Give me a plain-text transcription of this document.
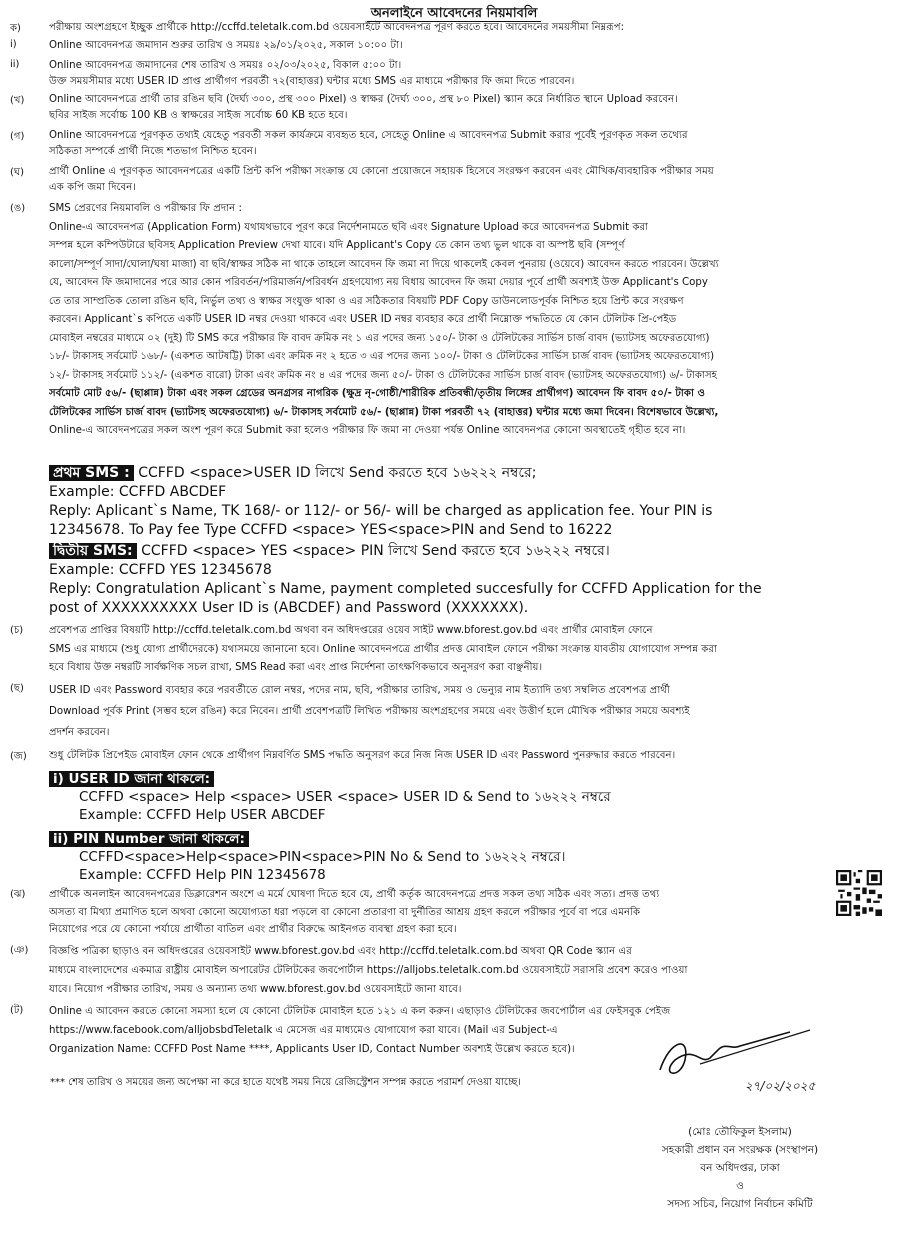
অনলাইনে আবেদনের নিয়মাবলি
ক)	পরীক্ষায় অংশগ্রহণে ইচ্ছুক প্রার্থীকে http://ccffd.teletalk.com.bd ওয়েবসাইটে আবেদনপত্র পূরণ করতে হবে। আবেদনের সময়সীমা নিম্নরূপ:
i)	Online আবেদনপত্র জমাদান শুরুর তারিখ ও সময়ঃ ২৯/০১/২০২৫, সকাল ১০:০০ টা।
ii)	Online আবেদনপত্র জমাদানের শেষ তারিখ ও সময়ঃ ০২/০৩/২০২৫, বিকাল ৫:০০ টা।
উক্ত সময়সীমার মধ্যে USER ID প্রাপ্ত প্রার্থীগণ পরবর্তী ৭২(বাহাত্তর) ঘন্টার মধ্যে SMS এর মাধ্যমে পরীক্ষার ফি জমা দিতে পারবেন।
(খ)	Online আবেদনপত্রে প্রার্থী তার রঙিন ছবি (দৈর্ঘ্য ৩০০, প্রস্থ ৩০০ Pixel) ও স্বাক্ষর (দৈর্ঘ্য ৩০০, প্রস্থ ৮০ Pixel) স্ক্যান করে নির্ধারিত স্থানে Upload করবেন।
ছবির সাইজ সর্বোচ্চ 100 KB ও স্বাক্ষরের সাইজ সর্বোচ্চ 60 KB হতে হবে।
(গ)	Online আবেদনপত্রে পূরণকৃত তথ্যই যেহেতু পরবর্তী সকল কার্যক্রমে ব্যবহৃত হবে, সেহেতু Online এ আবেদনপত্র Submit করার পূর্বেই পূরণকৃত সকল তথ্যের
সঠিকতা সম্পর্কে প্রার্থী নিজে শতভাগ নিশ্চিত হবেন।
(ঘ)	প্রার্থী Online এ পূরণকৃত আবেদনপত্রের একটি প্রিন্ট কপি পরীক্ষা সংক্রান্ত যে কোনো প্রয়োজনে সহায়ক হিসেবে সংরক্ষণ করবেন এবং মৌখিক/ব্যবহারিক পরীক্ষার সময়
এক কপি জমা দিবেন।
(ঙ)	SMS প্রেরণের নিয়মাবলি ও পরীক্ষার ফি প্রদান :
Online-এ আবেদনপত্র (Application Form) যথাযথভাবে পূরণ করে নির্দেশনামতে ছবি এবং Signature Upload করে আবেদনপত্র Submit করা
সম্পন্ন হলে কম্পিউটারে ছবিসহ Application Preview দেখা যাবে। যদি Applicant's Copy তে কোন তথ্য ভুল থাকে বা অস্পষ্ট ছবি (সম্পূর্ণ
কালো/সম্পূর্ণ সাদা/ঘোলা/ঘষা মাজা) বা ছবি/স্বাক্ষর সঠিক না থাকে তাহলে আবেদন ফি জমা না দিয়ে থাকলেই কেবল পুনরায় (ওয়েবে) আবেদন করতে পারবেন। উল্লেখ্য
যে, আবেদন ফি জমাদানের পরে আর কোন পরিবর্তন/পরিমার্জন/পরিবর্ধন গ্রহণযোগ্য নয় বিধায় আবেদন ফি জমা দেয়ার পূর্বে প্রার্থী অবশ্যই উক্ত Applicant's Copy
তে তার সাম্প্রতিক তোলা রঙিন ছবি, নির্ভুল তথ্য ও স্বাক্ষর সংযুক্ত থাকা ও এর সঠিকতার বিষয়টি PDF Copy ডাউনলোডপূর্বক নিশ্চিত হয়ে প্রিন্ট করে সংরক্ষণ
করবেন। Applicant`s কপিতে একটি USER ID নম্বর দেওয়া থাকবে এবং USER ID নম্বর ব্যবহার করে প্রার্থী নিম্নোক্ত পদ্ধতিতে যে কোন টেলিটক প্রি-পেইড
মোবাইল নম্বরের মাধ্যমে ০২ (দুই) টি SMS করে পরীক্ষার ফি বাবদ ক্রমিক নং ১ এর পদের জন্য ১৫০/- টাকা ও টেলিটকের সার্ভিস চার্জ বাবদ (ভ্যাটসহ অফেরতযোগ্য)
১৮/- টাকাসহ সর্বমোট ১৬৮/- (একশত আটষট্টি) টাকা এবং ক্রমিক নং ২ হতে ৩ এর পদের জন্য ১০০/- টাকা ও টেলিটকের সার্ভিস চার্জ বাবদ (ভ্যাটসহ অফেরতযোগ্য)
১২/- টাকাসহ সর্বমোট ১১২/- (একশত বারো) টাকা এবং ক্রমিক নং ৪ এর পদের জন্য ৫০/- টাকা ও টেলিটকের সার্ভিস চার্জ বাবদ (ভ্যাটসহ অফেরতযোগ্য) ৬/- টাকাসহ
সর্বমোট মোট ৫৬/- (ছাপ্পান্ন) টাকা এবং সকল গ্রেডের অনগ্রসর নাগরিক (ক্ষুদ্র নৃ-গোষ্ঠী/শারীরিক প্রতিবন্ধী/তৃতীয় লিঙ্গের প্রার্থীগণ) আবেদন ফি বাবদ ৫০/- টাকা ও
টেলিটকের সার্ভিস চার্জ বাবদ (ভ্যাটসহ অফেরতযোগ্য) ৬/- টাকাসহ সর্বমোট ৫৬/- (ছাপ্পান্ন) টাকা পরবর্তী ৭২ (বাহাত্তর) ঘন্টার মধ্যে জমা দিবেন। বিশেষভাবে উল্লেখ্য,
Online-এ আবেদনপত্রের সকল অংশ পূরণ করে Submit করা হলেও পরীক্ষার ফি জমা না দেওয়া পর্যন্ত Online আবেদনপত্র কোনো অবস্থাতেই গৃহীত হবে না।
প্রথম SMS : CCFFD <space>USER ID লিখে Send করতে হবে ১৬২২২ নম্বরে;
Example: CCFFD ABCDEF
Reply: Aplicant`s Name, TK 168/- or 112/- or 56/- will be charged as application fee. Your PIN is
12345678. To Pay fee Type CCFFD <space> YES<space>PIN and Send to 16222
দ্বিতীয় SMS: CCFFD <space> YES <space> PIN লিখে Send করতে হবে ১৬২২২ নম্বরে।
Example: CCFFD YES 12345678
Reply: Congratulation Aplicant`s Name, payment completed succesfully for CCFFD Application for the
post of XXXXXXXXXX User ID is (ABCDEF) and Password (XXXXXXX).
(চ)	প্রবেশপত্র প্রাপ্তির বিষয়টি http://ccffd.teletalk.com.bd অথবা বন অধিদপ্তরের ওয়েব সাইট www.bforest.gov.bd এবং প্রার্থীর মোবাইল ফোনে
SMS এর মাধ্যমে (শুধু যোগ্য প্রার্থীদেরকে) যথাসময়ে জানানো হবে। Online আবেদনপত্রে প্রার্থীর প্রদত্ত মোবাইল ফোনে পরীক্ষা সংক্রান্ত যাবতীয় যোগাযোগ সম্পন্ন করা
হবে বিধায় উক্ত নম্বরটি সার্বক্ষণিক সচল রাখা, SMS Read করা এবং প্রাপ্ত নির্দেশনা তাৎক্ষণিকভাবে অনুসরণ করা বাঞ্ছনীয়।
(ছ)	USER ID এবং Password ব্যবহার করে পরবর্তীতে রোল নম্বর, পদের নাম, ছবি, পরীক্ষার তারিখ, সময় ও ভেন্যুর নাম ইত্যাদি তথ্য সম্বলিত প্রবেশপত্র প্রার্থী
Download পূর্বক Print (সম্ভব হলে রঙিন) করে নিবেন। প্রার্থী প্রবেশপত্রটি লিখিত পরীক্ষায় অংশগ্রহণের সময়ে এবং উত্তীর্ণ হলে মৌখিক পরীক্ষার সময়ে অবশ্যই
প্রদর্শন করবেন।
(জ)	শুধু টেলিটক প্রিপেইড মোবাইল ফোন থেকে প্রার্থীগণ নিম্নবর্ণিত SMS পদ্ধতি অনুসরণ করে নিজ নিজ USER ID এবং Password পুনরুদ্ধার করতে পারবেন।
i) USER ID জানা থাকলে:
CCFFD <space> Help <space> USER <space> USER ID & Send to ১৬২২২ নম্বরে
Example: CCFFD Help USER ABCDEF
ii) PIN Number জানা থাকলে:
CCFFD<space>Help<space>PIN<space>PIN No & Send to ১৬২২২ নম্বরে।
Example: CCFFD Help PIN 12345678
(ঝ)	প্রার্থীকে অনলাইন আবেদনপত্রের ডিক্লারেশন অংশে এ মর্মে ঘোষণা দিতে হবে যে, প্রার্থী কর্তৃক আবেদনপত্রে প্রদত্ত সকল তথ্য সঠিক এবং সত্য। প্রদত্ত তথ্য
অসত্য বা মিথ্যা প্রমাণিত হলে অথবা কোনো অযোগ্যতা ধরা পড়লে বা কোনো প্রতারণা বা দুর্নীতির আশ্রয় গ্রহণ করলে পরীক্ষার পূর্বে বা পরে এমনকি
নিয়োগের পরে যে কোনো পর্যায়ে প্রার্থীতা বাতিল এবং প্রার্থীর বিরুদ্ধে আইনগত ব্যবস্থা গ্রহণ করা হবে।
(ঞ)	বিজ্ঞপ্তি পত্রিকা ছাড়াও বন অধিদপ্তরের ওয়েবসাইট www.bforest.gov.bd এবং http://ccffd.teletalk.com.bd অথবা QR Code স্ক্যান এর
মাধ্যমে বাংলাদেশের একমাত্র রাষ্ট্রীয় মোবাইল অপারেটর টেলিটকের জবপোর্টাল https://alljobs.teletalk.com.bd ওয়েবসাইটে সরাসরি প্রবেশ করেও পাওয়া
যাবে। নিয়োগ পরীক্ষার তারিখ, সময় ও অন্যান্য তথ্য www.bforest.gov.bd ওয়েবসাইটে জানা যাবে।
(ট)	Online এ আবেদন করতে কোনো সমস্যা হলে যে কোনো টেলিটক মোবাইল হতে ১২১ এ কল করুন। এছাড়াও টেলিটকের জবপোর্টাল এর ফেইসবুক পেইজ
https://www.facebook.com/alljobsbdTeletalk এ মেসেজ এর মাধ্যমেও যোগাযোগ করা যাবে। (Mail এর Subject-এ
Organization Name: CCFFD Post Name ****, Applicants User ID, Contact Number অবশ্যই উল্লেখ করতে হবে)।
*** শেষ তারিখ ও সময়ের জন্য অপেক্ষা না করে হাতে যথেষ্ট সময় নিয়ে রেজিস্ট্রেশন সম্পন্ন করতে পরামর্শ দেওয়া যাচ্ছে।	২৭/০২/২০২৫
(মোঃ তৌফিকুল ইসলাম)
সহকারী প্রধান বন সংরক্ষক (সংস্থাপন)
বন অধিদপ্তর, ঢাকা
ও
সদস্য সচিব, নিয়োগ নির্বাচন কমিটি
